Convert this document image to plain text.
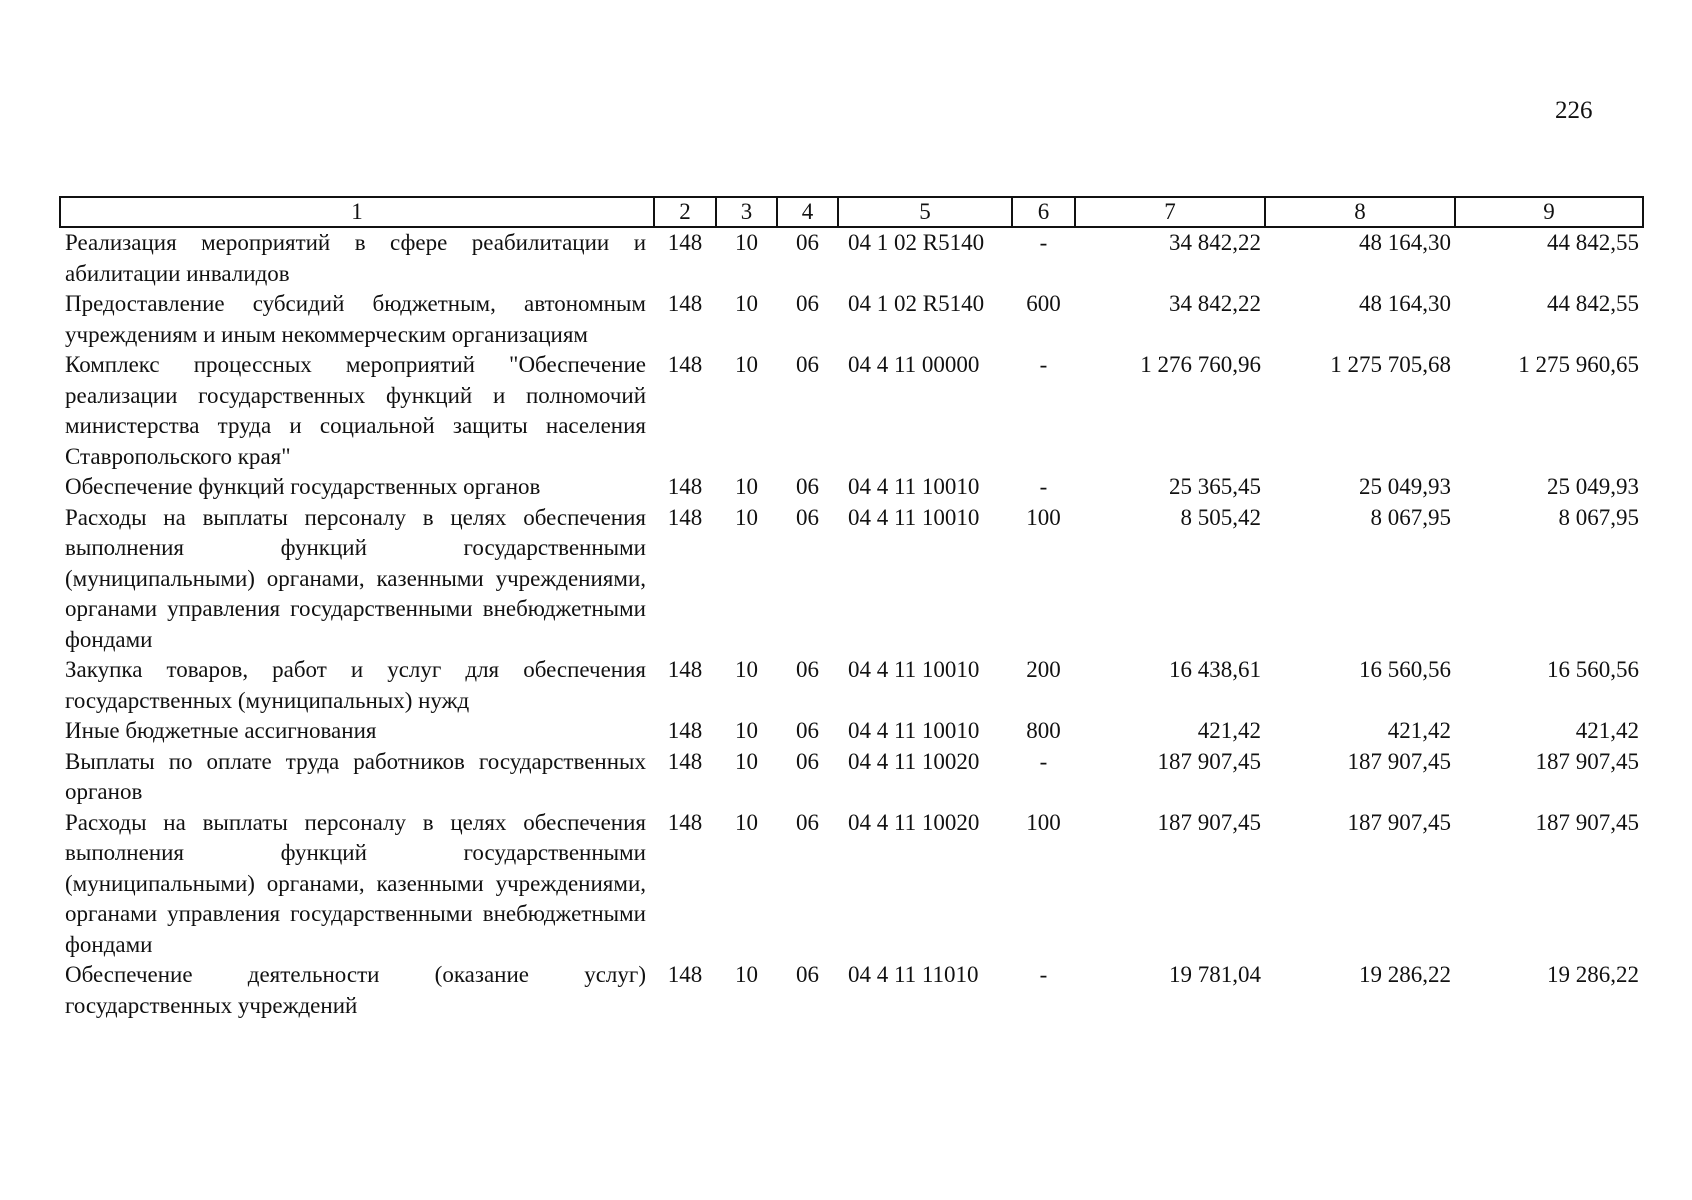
226
1	2	3	4	5	6	7	8	9
Реализация мероприятий в сфере реабилитации и абилитации инвалидов	148	10	06	04 1 02 R5140	-	34 842,22	48 164,30	44 842,55
Предоставление субсидий бюджетным, автономным учреждениям и иным некоммерческим организациям	148	10	06	04 1 02 R5140	600	34 842,22	48 164,30	44 842,55
Комплекс процессных мероприятий "Обеспечение реализации государственных функций и полномочий министерства труда и социальной защиты населения Ставропольского края"	148	10	06	04 4 11 00000	-	1 276 760,96	1 275 705,68	1 275 960,65
Обеспечение функций государственных органов	148	10	06	04 4 11 10010	-	25 365,45	25 049,93	25 049,93
Расходы на выплаты персоналу в целях обеспечения выполнения функций государственными (муниципальными) органами, казенными учреждениями, органами управления государственными внебюджетными фондами	148	10	06	04 4 11 10010	100	8 505,42	8 067,95	8 067,95
Закупка товаров, работ и услуг для обеспечения государственных (муниципальных) нужд	148	10	06	04 4 11 10010	200	16 438,61	16 560,56	16 560,56
Иные бюджетные ассигнования	148	10	06	04 4 11 10010	800	421,42	421,42	421,42
Выплаты по оплате труда работников государственных органов	148	10	06	04 4 11 10020	-	187 907,45	187 907,45	187 907,45
Расходы на выплаты персоналу в целях обеспечения выполнения функций государственными (муниципальными) органами, казенными учреждениями, органами управления государственными внебюджетными фондами	148	10	06	04 4 11 10020	100	187 907,45	187 907,45	187 907,45
Обеспечение деятельности (оказание услуг) государственных учреждений	148	10	06	04 4 11 11010	-	19 781,04	19 286,22	19 286,22
